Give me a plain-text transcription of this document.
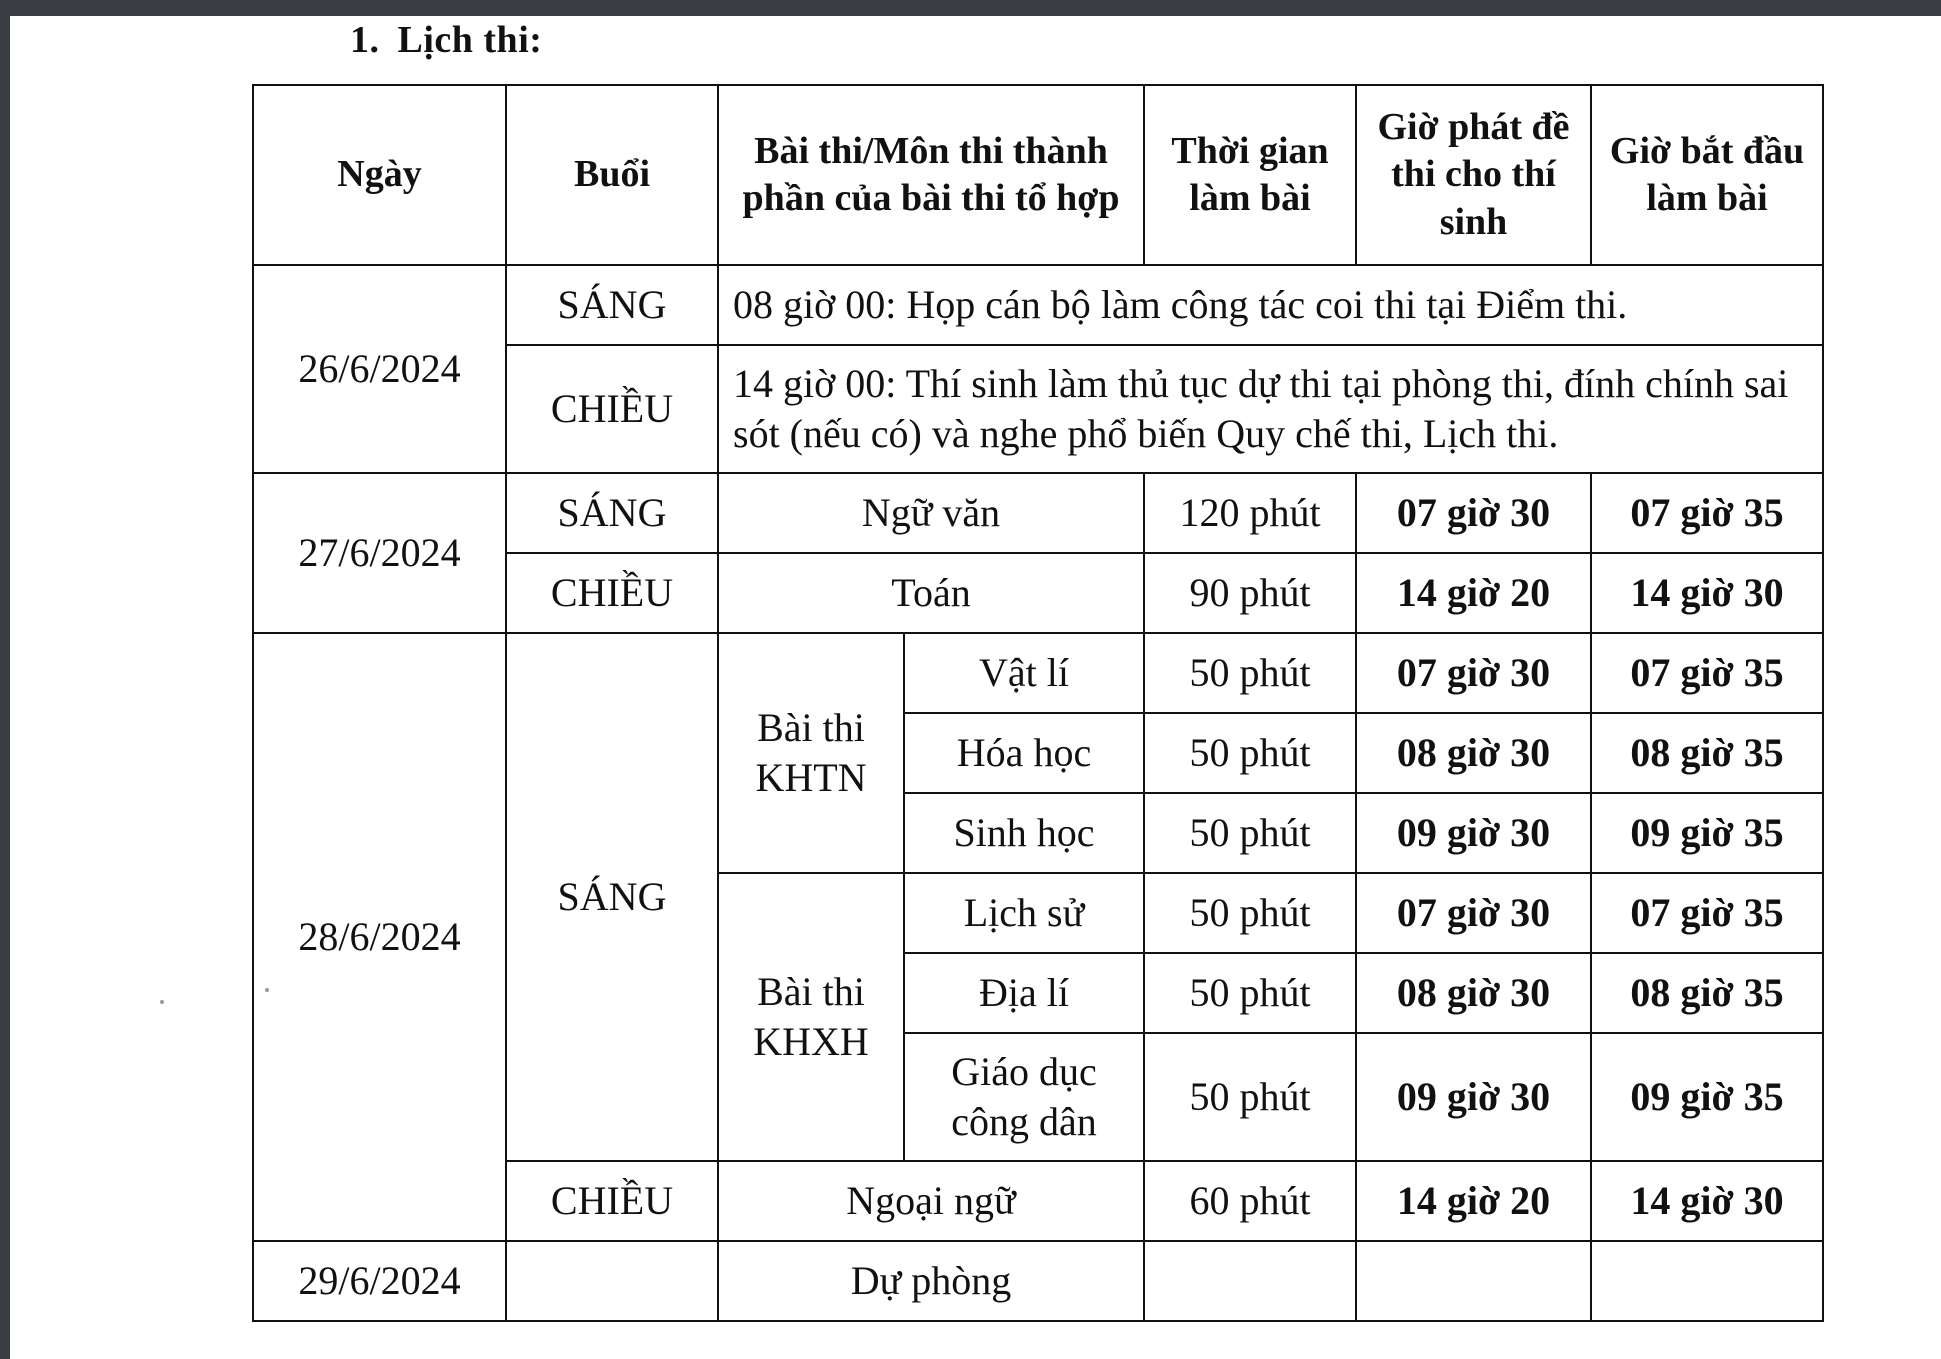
1. Lịch thi:
Ngày	Buổi	Bài thi/Môn thi thành phần của bài thi tổ hợp		Thời gian làm bài	Giờ phát đề thi cho thí sinh	Giờ bắt đầu làm bài
26/6/2024	SÁNG	08 giờ 00: Họp cán bộ làm công tác coi thi tại Điểm thi.				
	CHIỀU	14 giờ 00: Thí sinh làm thủ tục dự thi tại phòng thi, đính chính sai sót (nếu có) và nghe phổ biến Quy chế thi, Lịch thi.				
27/6/2024	SÁNG	Ngữ văn		120 phút	07 giờ 30	07 giờ 35
	CHIỀU	Toán		90 phút	14 giờ 20	14 giờ 30
28/6/2024	SÁNG	Bài thi KHTN	Vật lí	50 phút	07 giờ 30	07 giờ 35
			Hóa học	50 phút	08 giờ 30	08 giờ 35
			Sinh học	50 phút	09 giờ 30	09 giờ 35
		Bài thi KHXH	Lịch sử	50 phút	07 giờ 30	07 giờ 35
			Địa lí	50 phút	08 giờ 30	08 giờ 35
			Giáo dục công dân	50 phút	09 giờ 30	09 giờ 35
	CHIỀU	Ngoại ngữ		60 phút	14 giờ 20	14 giờ 30
29/6/2024		Dự phòng				
